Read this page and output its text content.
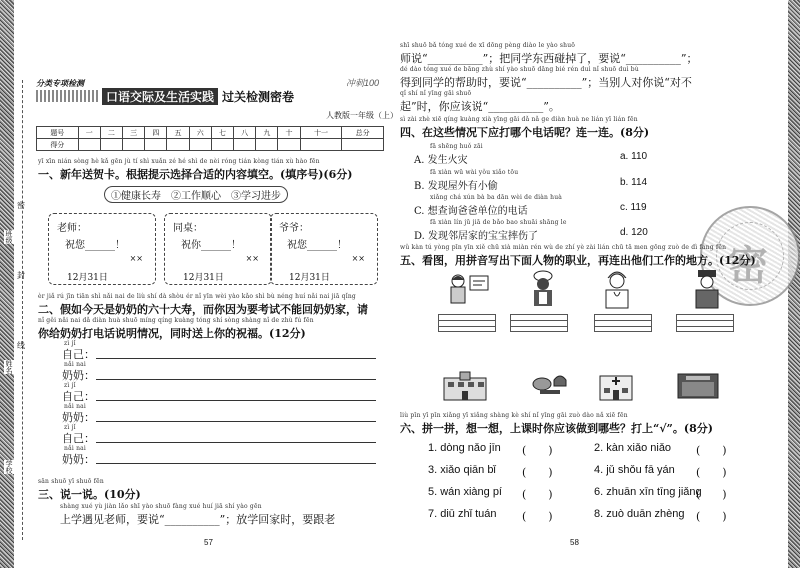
密
封
线
学校
班级
姓名
分类专项检测	冲刺100
口语交际及生活实践 过关检测密卷
人教版一年级（上）
题号	一	二	三	四	五	六	七	八	九	十	十一	总分
得分												
yī xīn nián sòng hè kǎ gēn jù tí shì xuǎn zé hé shì de nèi róng tián kòng tián xù hào fēn
一、新年送贺卡。根据提示选择合适的内容填空。(填序号)(6分)
①健康长寿　②工作顺心　③学习进步
老师：
祝您______！
××
12月31日
同桌：
祝你______！
××
12月31日
爷爷：
祝您______！
××
12月31日
èr jiǎ rú jīn tiān shì nǎi nai de liù shí dà shòu ér nǐ yīn wèi yào kǎo shì bù néng huí nǎi nai jiā qǐng
二、假如今天是奶奶的六十大寿，而你因为要考试不能回奶奶家，请
nǐ gěi nǎi nai dǎ diàn huà shuō míng qíng kuàng tóng shí sòng shàng nǐ de zhù fú fēn
你给奶奶打电话说明情况，同时送上你的祝福。(12分)
zì jǐ
自己：
nǎi nai
奶奶：
zì jǐ
自己：
nǎi nai
奶奶：
zì jǐ
自己：
nǎi nai
奶奶：
sān shuō yī shuō fēn
三、说一说。(10分)
shàng xué yù jiàn lǎo shī yào shuō fàng xué huí jiā shí yào gēn
上学遇见老师，要说“__________”；放学回家时，要跟老
57
密
shī shuō bǎ tóng xué de xī dōng pèng diào le yào shuō
师说“__________”；把同学东西碰掉了，要说“__________”；
dé dào tóng xué de bāng zhù shí yào shuō dāng bié rén duì nǐ shuō duì bù
得到同学的帮助时，要说“__________”；当别人对你说“对不
qǐ shí nǐ yīng gāi shuō
起”时，你应该说“__________”。
sì zài zhè xiē qíng kuàng xià yīng gāi dǎ nǎ ge diàn huà ne lián yī lián fēn
四、在这些情况下应打哪个电话呢？连一连。(8分)
fā shēng huǒ zāi
A. 发生火灾	a. 110
fā xiàn wū wài yǒu xiǎo tōu
B. 发现屋外有小偷	b. 114
xiǎng chá xún bà ba dān wèi de diàn huà
C. 想查询爸爸单位的电话	c. 119
fā xiàn lín jū jiā de bǎo bao shuāi shāng le
D. 发现邻居家的宝宝摔伤了	d. 120
wǔ kàn tú yòng pīn yīn xiě chū xià miàn rén wù de zhí yè zài lián chū tā men gōng zuò de dì fang fēn
五、看图，用拼音写出下面人物的职业，再连出他们工作的地方。(12分)
liù pīn yī pīn xiǎng yī xiǎng shàng kè shí nǐ yīng gāi zuò dào nǎ xiē fēn
六、拼一拼，想一想，上课时你应该做到哪些？打上“√”。(8分)
1. dòng nǎo jīn (　　)	2. kàn xiǎo niǎo (　　)
3. xiǎo qiān bǐ (　　)	4. jǔ shǒu fā yán (　　)
5. wán xiàng pí (　　)	6. zhuān xīn tīng jiǎng
(　　)
7. diū zhǐ tuán (　　)	8. zuò duān zhèng (　　)
58
